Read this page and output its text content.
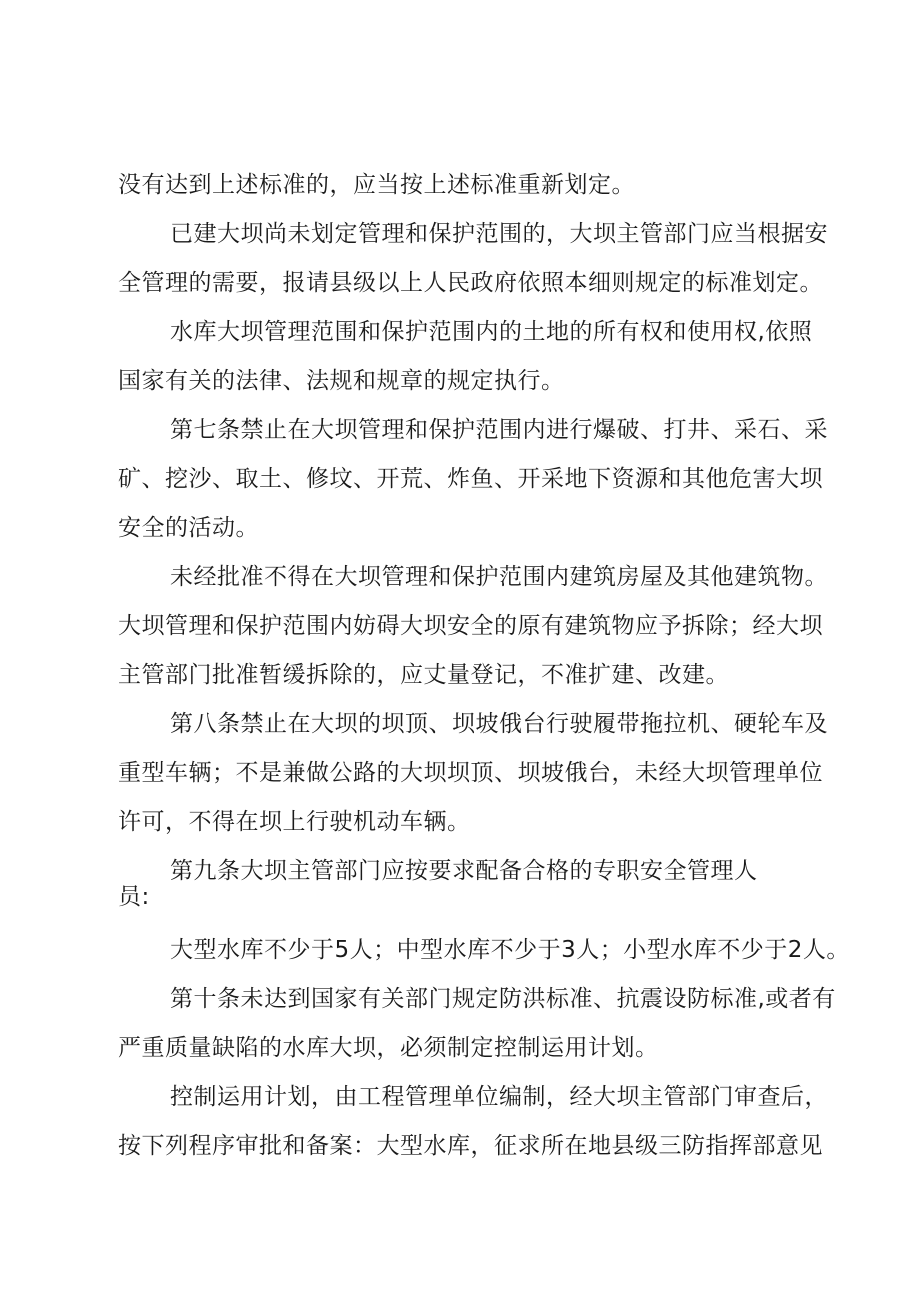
没有达到上述标准的，应当按上述标准重新划定。
已建大坝尚未划定管理和保护范围的，大坝主管部门应当根据安
全管理的需要，报请县级以上人民政府依照本细则规定的标准划定。
水库大坝管理范围和保护范围内的土地的所有权和使用权,依照
国家有关的法律、法规和规章的规定执行。
第七条禁止在大坝管理和保护范围内进行爆破、打井、采石、采
矿、挖沙、取土、修坟、开荒、炸鱼、开采地下资源和其他危害大坝
安全的活动。
未经批准不得在大坝管理和保护范围内建筑房屋及其他建筑物。
大坝管理和保护范围内妨碍大坝安全的原有建筑物应予拆除；经大坝
主管部门批准暂缓拆除的，应丈量登记，不准扩建、改建。
第八条禁止在大坝的坝顶、坝坡俄台行驶履带拖拉机、硬轮车及
重型车辆；不是兼做公路的大坝坝顶、坝坡俄台，未经大坝管理单位
许可，不得在坝上行驶机动车辆。
第九条大坝主管部门应按要求配备合格的专职安全管理人
员:
大型水库不少于5人；中型水库不少于3人；小型水库不少于2人。
第十条未达到国家有关部门规定防洪标准、抗震设防标准,或者有
严重质量缺陷的水库大坝，必须制定控制运用计划。
控制运用计划，由工程管理单位编制，经大坝主管部门审查后，
按下列程序审批和备案：大型水库，征求所在地县级三防指挥部意见
